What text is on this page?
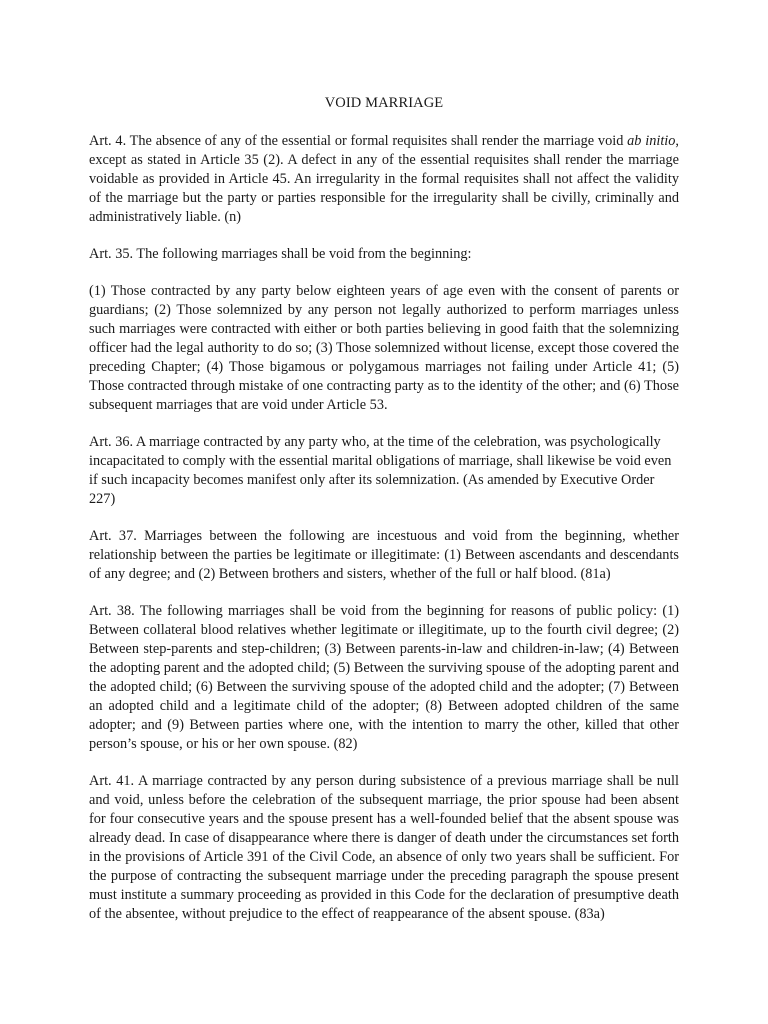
VOID MARRIAGE

Art. 4. The absence of any of the essential or formal requisites shall render the marriage void ab initio, except as stated in Article 35 (2). A defect in any of the essential requisites shall render the marriage voidable as provided in Article 45. An irregularity in the formal requisites shall not affect the validity of the marriage but the party or parties responsible for the irregularity shall be civilly, criminally and administratively liable. (n)

Art. 35. The following marriages shall be void from the beginning:

(1) Those contracted by any party below eighteen years of age even with the consent of parents or guardians; (2) Those solemnized by any person not legally authorized to perform marriages unless such marriages were contracted with either or both parties believing in good faith that the solemnizing officer had the legal authority to do so; (3) Those solemnized without license, except those covered the preceding Chapter; (4) Those bigamous or polygamous marriages not failing under Article 41; (5) Those contracted through mistake of one contracting party as to the identity of the other; and (6) Those subsequent marriages that are void under Article 53.

Art. 36. A marriage contracted by any party who, at the time of the celebration, was psychologically incapacitated to comply with the essential marital obligations of marriage, shall likewise be void even if such incapacity becomes manifest only after its solemnization. (As amended by Executive Order 227)

Art. 37. Marriages between the following are incestuous and void from the beginning, whether relationship between the parties be legitimate or illegitimate: (1) Between ascendants and descendants of any degree; and (2) Between brothers and sisters, whether of the full or half blood. (81a)

Art. 38. The following marriages shall be void from the beginning for reasons of public policy: (1) Between collateral blood relatives whether legitimate or illegitimate, up to the fourth civil degree; (2) Between step-parents and step-children; (3) Between parents-in-law and children-in-law; (4) Between the adopting parent and the adopted child; (5) Between the surviving spouse of the adopting parent and the adopted child; (6) Between the surviving spouse of the adopted child and the adopter; (7) Between an adopted child and a legitimate child of the adopter; (8) Between adopted children of the same adopter; and (9) Between parties where one, with the intention to marry the other, killed that other person’s spouse, or his or her own spouse. (82)

Art. 41. A marriage contracted by any person during subsistence of a previous marriage shall be null and void, unless before the celebration of the subsequent marriage, the prior spouse had been absent for four consecutive years and the spouse present has a well-founded belief that the absent spouse was already dead. In case of disappearance where there is danger of death under the circumstances set forth in the provisions of Article 391 of the Civil Code, an absence of only two years shall be sufficient. For the purpose of contracting the subsequent marriage under the preceding paragraph the spouse present must institute a summary proceeding as provided in this Code for the declaration of presumptive death of the absentee, without prejudice to the effect of reappearance of the absent spouse. (83a)
